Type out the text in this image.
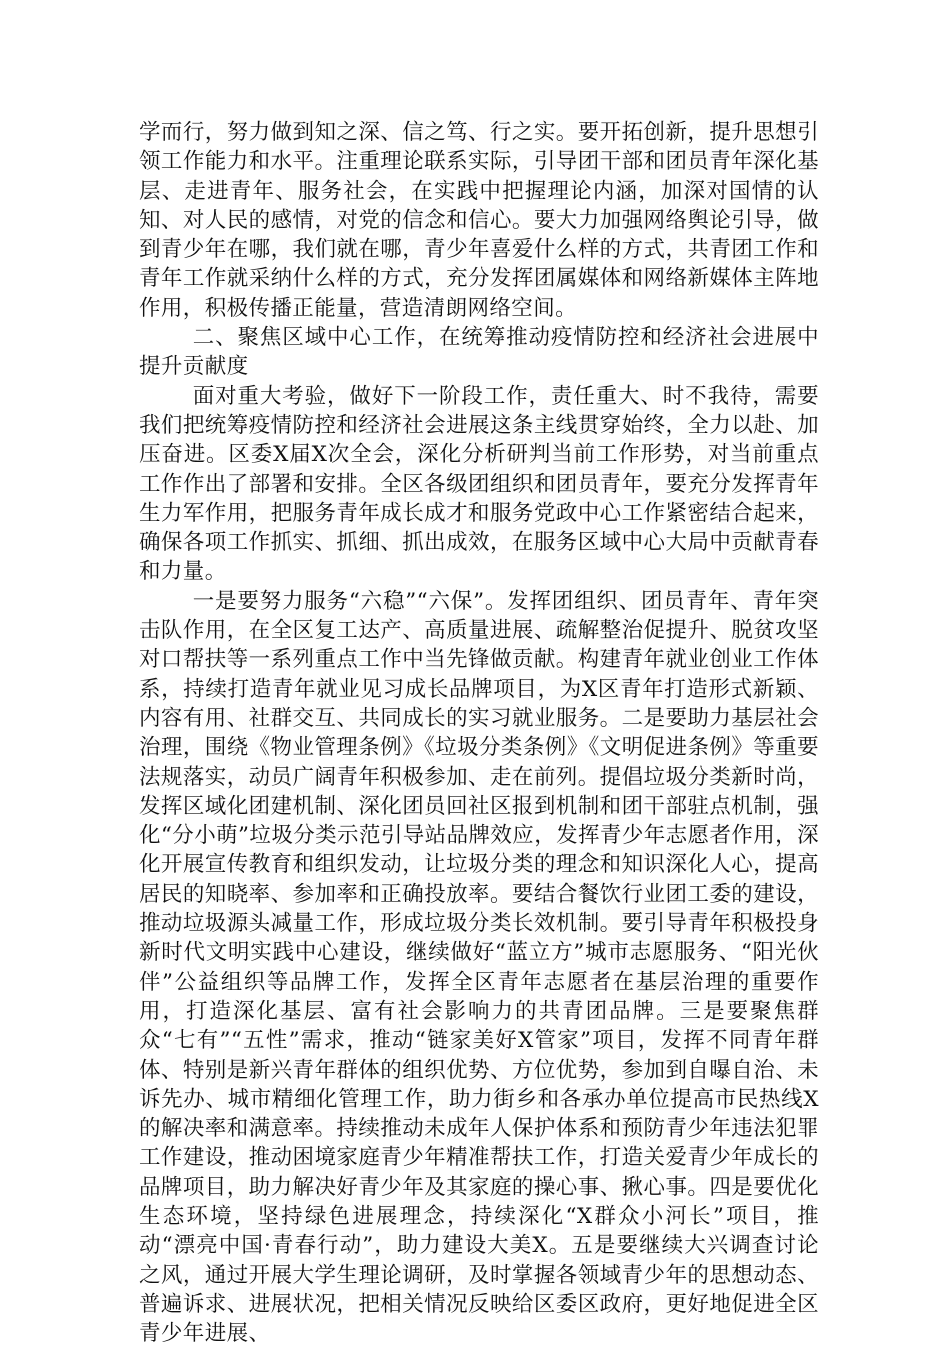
学而行，努力做到知之深、信之笃、行之实。要开拓创新，提升思想引领工作能力和水平。注重理论联系实际，引导团干部和团员青年深化基层、走进青年、服务社会，在实践中把握理论内涵，加深对国情的认知、对人民的感情，对党的信念和信心。要大力加强网络舆论引导，做到青少年在哪，我们就在哪，青少年喜爱什么样的方式，共青团工作和青年工作就采纳什么样的方式，充分发挥团属媒体和网络新媒体主阵地作用，积极传播正能量，营造清朗网络空间。

二、聚焦区域中心工作，在统筹推动疫情防控和经济社会进展中提升贡献度

面对重大考验，做好下一阶段工作，责任重大、时不我待，需要我们把统筹疫情防控和经济社会进展这条主线贯穿始终，全力以赴、加压奋进。区委X届X次全会，深化分析研判当前工作形势，对当前重点工作作出了部署和安排。全区各级团组织和团员青年，要充分发挥青年生力军作用，把服务青年成长成才和服务党政中心工作紧密结合起来，确保各项工作抓实、抓细、抓出成效，在服务区域中心大局中贡献青春和力量。

一是要努力服务“六稳”“六保”。发挥团组织、团员青年、青年突击队作用，在全区复工达产、高质量进展、疏解整治促提升、脱贫攻坚对口帮扶等一系列重点工作中当先锋做贡献。构建青年就业创业工作体系，持续打造青年就业见习成长品牌项目，为X区青年打造形式新颖、内容有用、社群交互、共同成长的实习就业服务。二是要助力基层社会治理，围绕《物业管理条例》《垃圾分类条例》《文明促进条例》等重要法规落实，动员广阔青年积极参加、走在前列。提倡垃圾分类新时尚，发挥区域化团建机制、深化团员回社区报到机制和团干部驻点机制，强化“分小萌”垃圾分类示范引导站品牌效应，发挥青少年志愿者作用，深化开展宣传教育和组织发动，让垃圾分类的理念和知识深化人心，提高居民的知晓率、参加率和正确投放率。要结合餐饮行业团工委的建设，推动垃圾源头减量工作，形成垃圾分类长效机制。要引导青年积极投身新时代文明实践中心建设，继续做好“蓝立方”城市志愿服务、“阳光伙伴”公益组织等品牌工作，发挥全区青年志愿者在基层治理的重要作用，打造深化基层、富有社会影响力的共青团品牌。三是要聚焦群众“七有”“五性”需求，推动“链家美好X管家”项目，发挥不同青年群体、特别是新兴青年群体的组织优势、方位优势，参加到自曝自治、未诉先办、城市精细化管理工作，助力街乡和各承办单位提高市民热线X的解决率和满意率。持续推动未成年人保护体系和预防青少年违法犯罪工作建设，推动困境家庭青少年精准帮扶工作，打造关爱青少年成长的品牌项目，助力解决好青少年及其家庭的操心事、揪心事。四是要优化生态环境，坚持绿色进展理念，持续深化“X群众小河长”项目，推动“漂亮中国·青春行动”，助力建设大美X。五是要继续大兴调查讨论之风，通过开展大学生理论调研，及时掌握各领域青少年的思想动态、普遍诉求、进展状况，把相关情况反映给区委区政府，更好地促进全区青少年进展、
